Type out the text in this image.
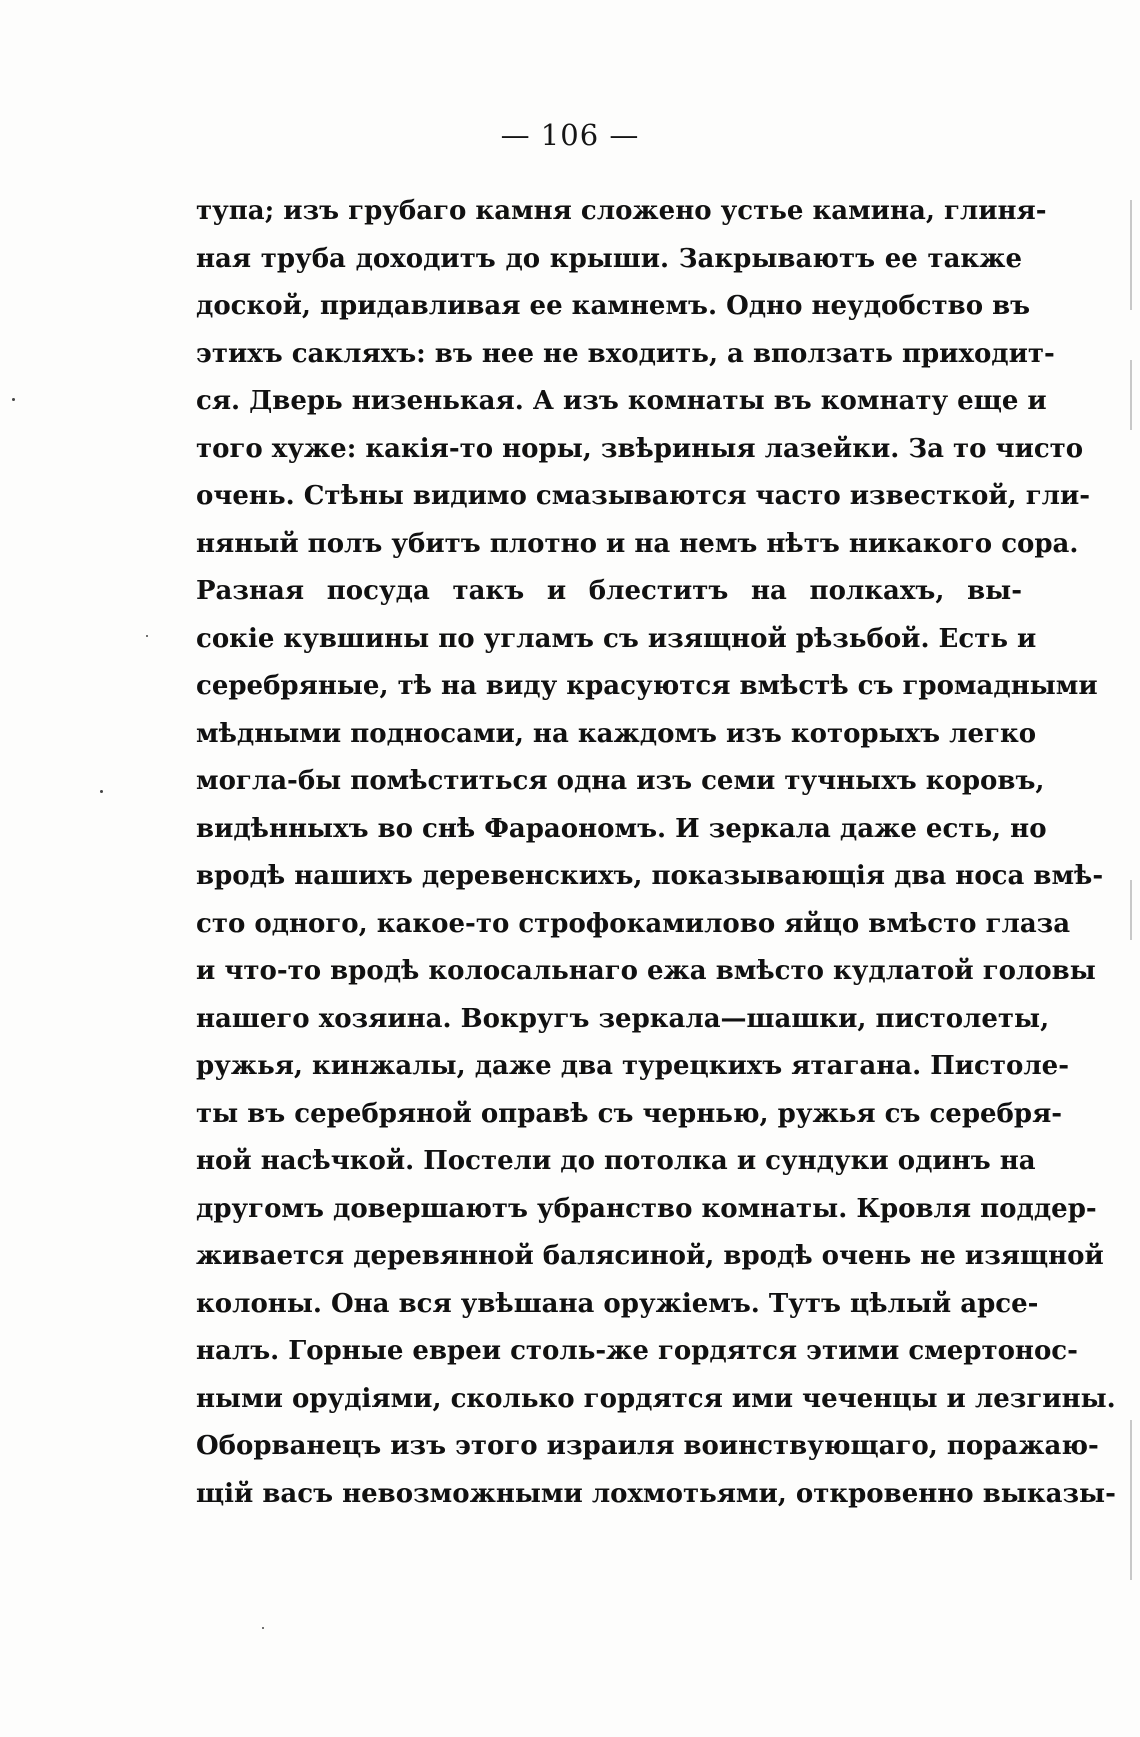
— 106 —
тупа; изъ грубаго камня сложено устье камина, глиня-
ная труба доходитъ до крыши. Закрываютъ ее также
доской, придавливая ее камнемъ. Одно неудобство въ
этихъ сакляхъ: въ нее не входить, а вползать приходит-
ся. Дверь низенькая. А изъ комнаты въ комнату еще и
того хуже: какія-то норы, звѣриныя лазейки. За то чисто
очень. Стѣны видимо смазываются часто известкой, гли-
няный полъ убитъ плотно и на немъ нѣтъ никакого сора.
Разная посуда такъ и блеститъ на полкахъ, вы-
сокіе кувшины по угламъ съ изящной рѣзьбой. Есть и
серебряные, тѣ на виду красуются вмѣстѣ съ громадными
мѣдными подносами, на каждомъ изъ которыхъ легко
могла-бы помѣститься одна изъ семи тучныхъ коровъ,
видѣнныхъ во снѣ Фараономъ. И зеркала даже есть, но
вродѣ нашихъ деревенскихъ, показывающія два носа вмѣ-
сто одного, какое-то строфокамилово яйцо вмѣсто глаза
и что-то вродѣ колосальнаго ежа вмѣсто кудлатой головы
нашего хозяина. Вокругъ зеркала—шашки, пистолеты,
ружья, кинжалы, даже два турецкихъ ятагана. Пистоле-
ты въ серебряной оправѣ съ чернью, ружья съ серебря-
ной насѣчкой. Постели до потолка и сундуки одинъ на
другомъ довершаютъ убранство комнаты. Кровля поддер-
живается деревянной балясиной, вродѣ очень не изящной
колоны. Она вся увѣшана оружіемъ. Тутъ цѣлый арсе-
налъ. Горные евреи столь-же гордятся этими смертонос-
ными орудіями, сколько гордятся ими чеченцы и лезгины.
Оборванецъ изъ этого израиля воинствующаго, поражаю-
щій васъ невозможными лохмотьями, откровенно выказы-
